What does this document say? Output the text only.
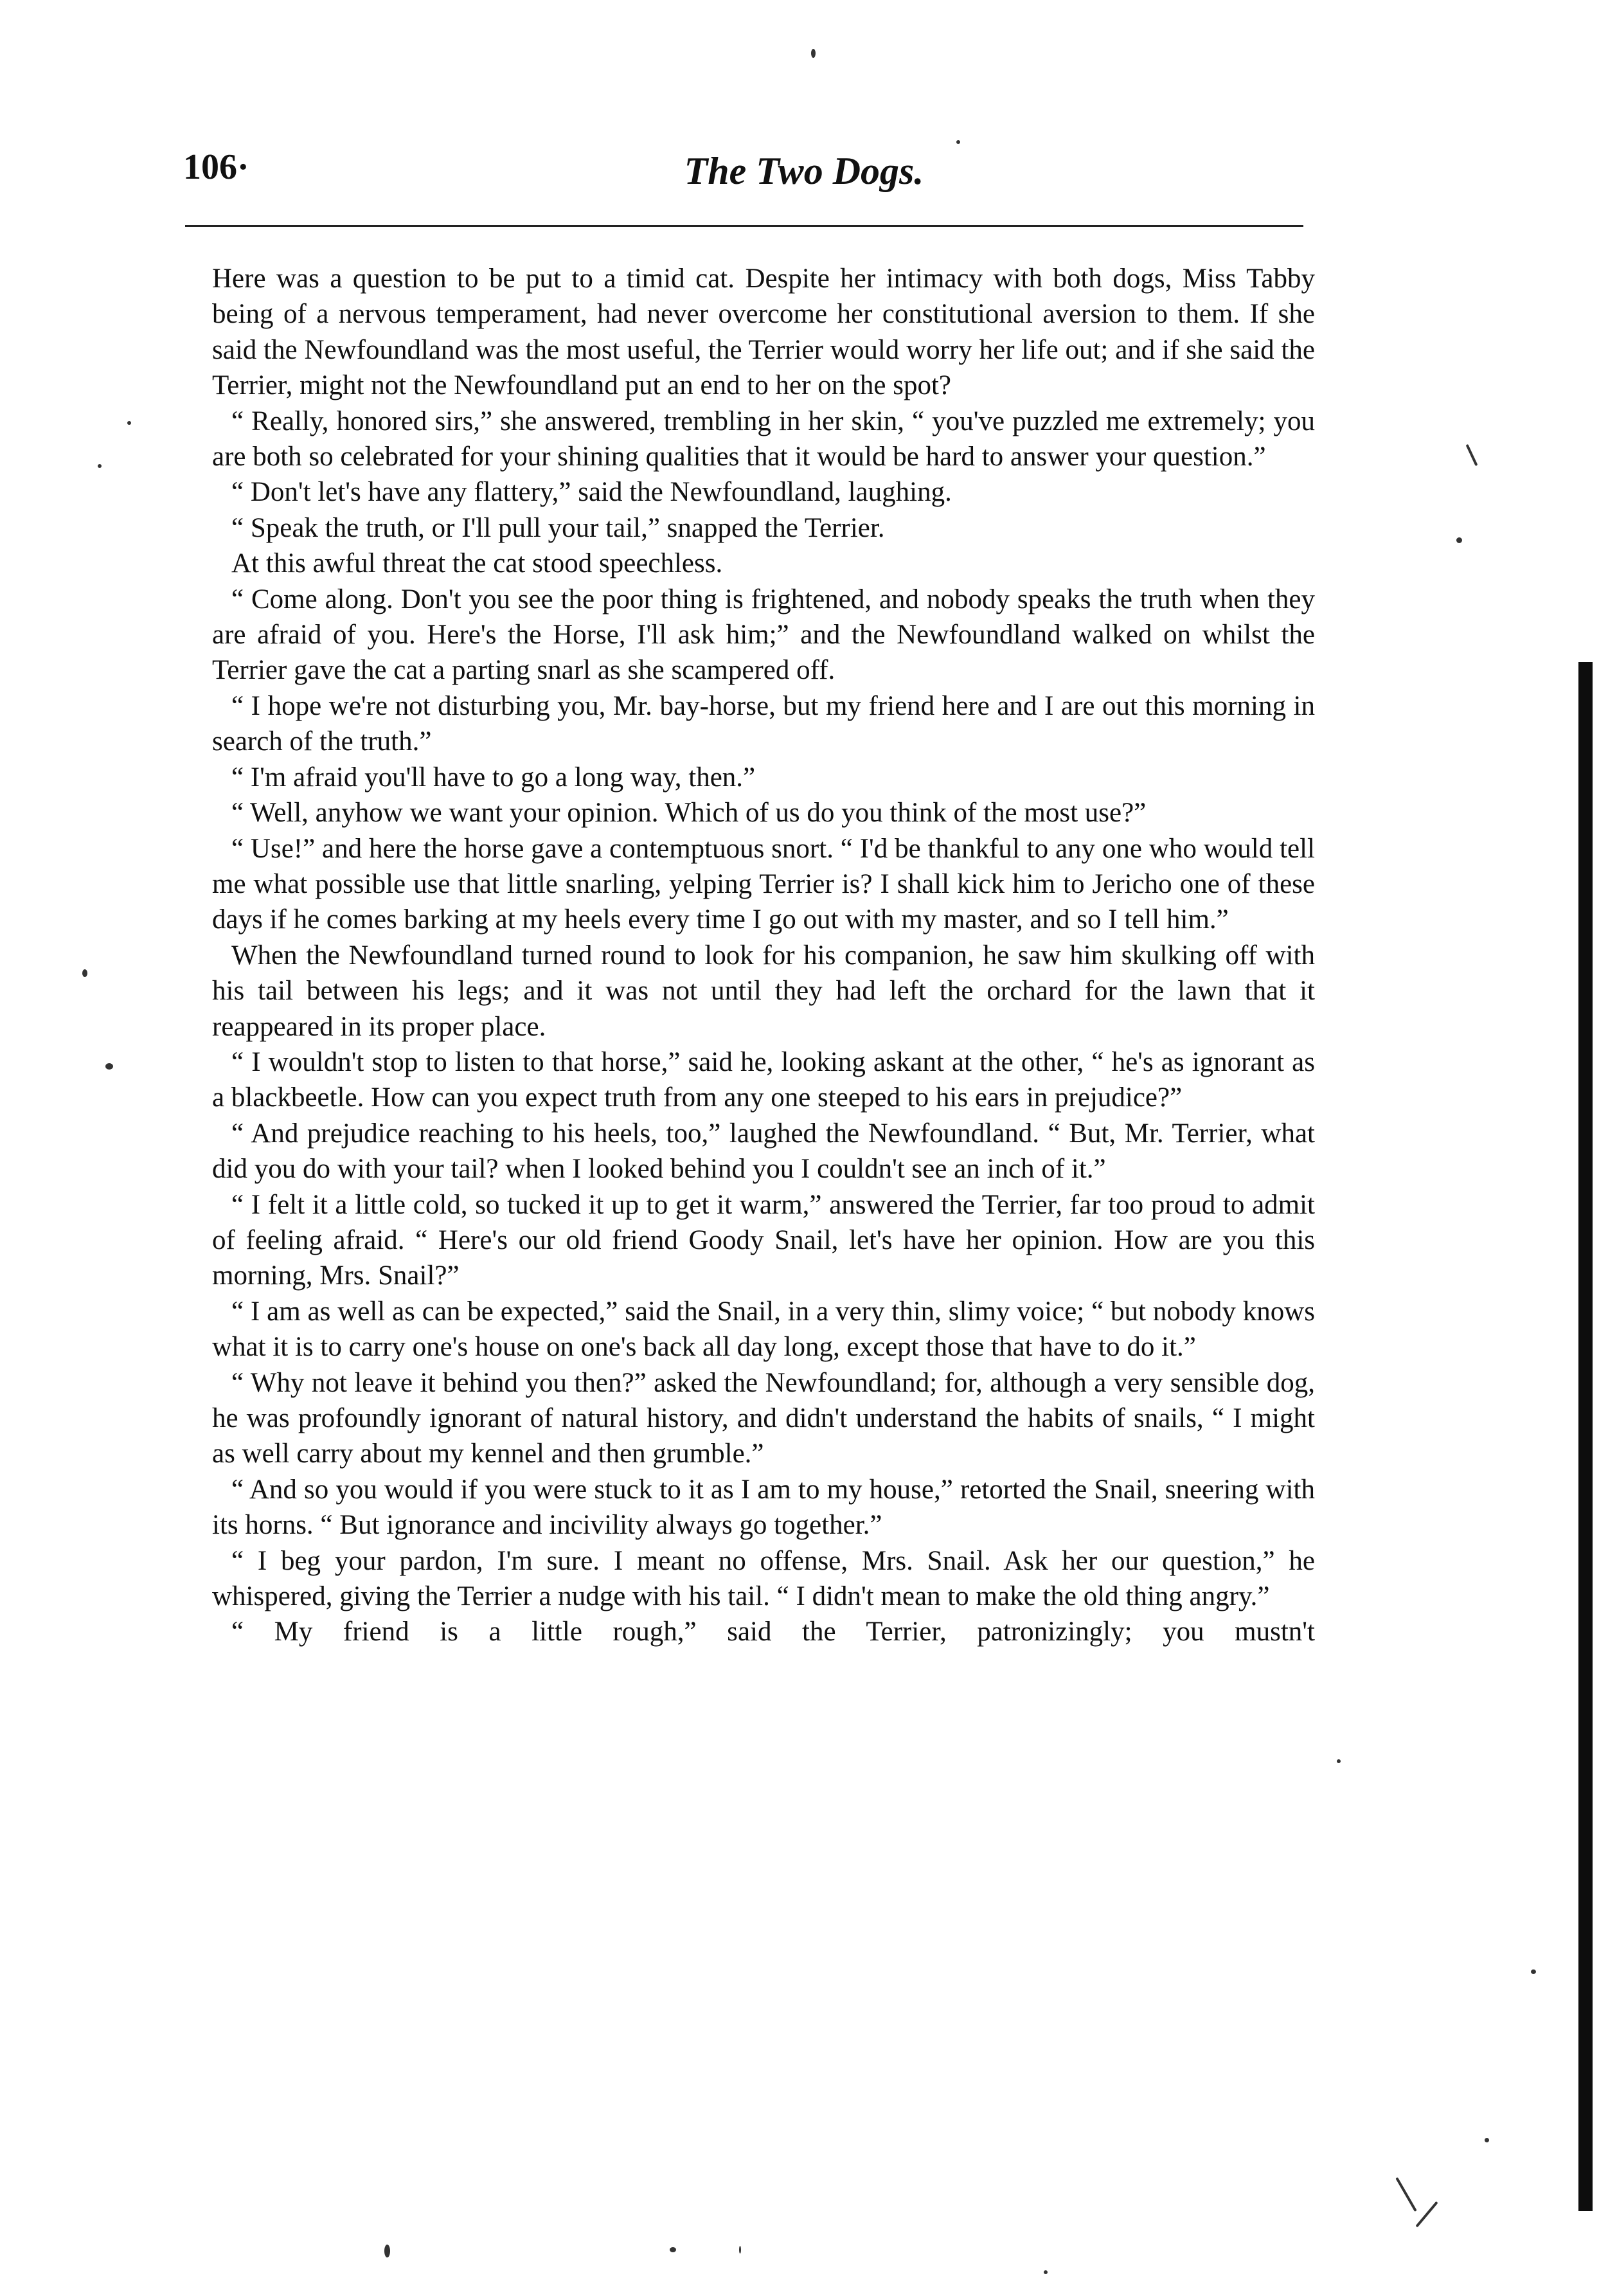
106·	The Two Dogs.

Here was a question to be put to a timid cat. Despite her intimacy with both dogs, Miss Tabby being of a nervous temperament, had never overcome her constitutional aversion to them. If she said the Newfoundland was the most useful, the Terrier would worry her life out; and if she said the Terrier, might not the Newfoundland put an end to her on the spot?

“ Really, honored sirs,” she answered, trembling in her skin, “ you've puzzled me extremely; you are both so celebrated for your shining qualities that it would be hard to answer your question.”

“ Don't let's have any flattery,” said the Newfoundland, laughing.

“ Speak the truth, or I'll pull your tail,” snapped the Terrier.

At this awful threat the cat stood speechless.

“ Come along. Don't you see the poor thing is frightened, and nobody speaks the truth when they are afraid of you. Here's the Horse, I'll ask him;” and the Newfoundland walked on whilst the Terrier gave the cat a parting snarl as she scampered off.

“ I hope we're not disturbing you, Mr. bay-horse, but my friend here and I are out this morning in search of the truth.”

“ I'm afraid you'll have to go a long way, then.”

“ Well, anyhow we want your opinion. Which of us do you think of the most use?”

“ Use!” and here the horse gave a contemptuous snort. “ I'd be thankful to any one who would tell me what possible use that little snarling, yelping Terrier is? I shall kick him to Jericho one of these days if he comes barking at my heels every time I go out with my master, and so I tell him.”

When the Newfoundland turned round to look for his companion, he saw him skulking off with his tail between his legs; and it was not until they had left the orchard for the lawn that it reappeared in its proper place.

“ I wouldn't stop to listen to that horse,” said he, looking askant at the other, “ he's as ignorant as a blackbeetle. How can you expect truth from any one steeped to his ears in prejudice?”

“ And prejudice reaching to his heels, too,” laughed the Newfoundland. “ But, Mr. Terrier, what did you do with your tail? when I looked behind you I couldn't see an inch of it.”

“ I felt it a little cold, so tucked it up to get it warm,” answered the Terrier, far too proud to admit of feeling afraid. “ Here's our old friend Goody Snail, let's have her opinion. How are you this morning, Mrs. Snail?”

“ I am as well as can be expected,” said the Snail, in a very thin, slimy voice; “ but nobody knows what it is to carry one's house on one's back all day long, except those that have to do it.”

“ Why not leave it behind you then?” asked the Newfoundland; for, although a very sensible dog, he was profoundly ignorant of natural history, and didn't understand the habits of snails, “ I might as well carry about my kennel and then grumble.”

“ And so you would if you were stuck to it as I am to my house,” retorted the Snail, sneering with its horns. “ But ignorance and incivility always go together.”

“ I beg your pardon, I'm sure. I meant no offense, Mrs. Snail. Ask her our question,” he whispered, giving the Terrier a nudge with his tail. “ I didn't mean to make the old thing angry.”

“ My friend is a little rough,” said the Terrier, patronizingly; you mustn't
